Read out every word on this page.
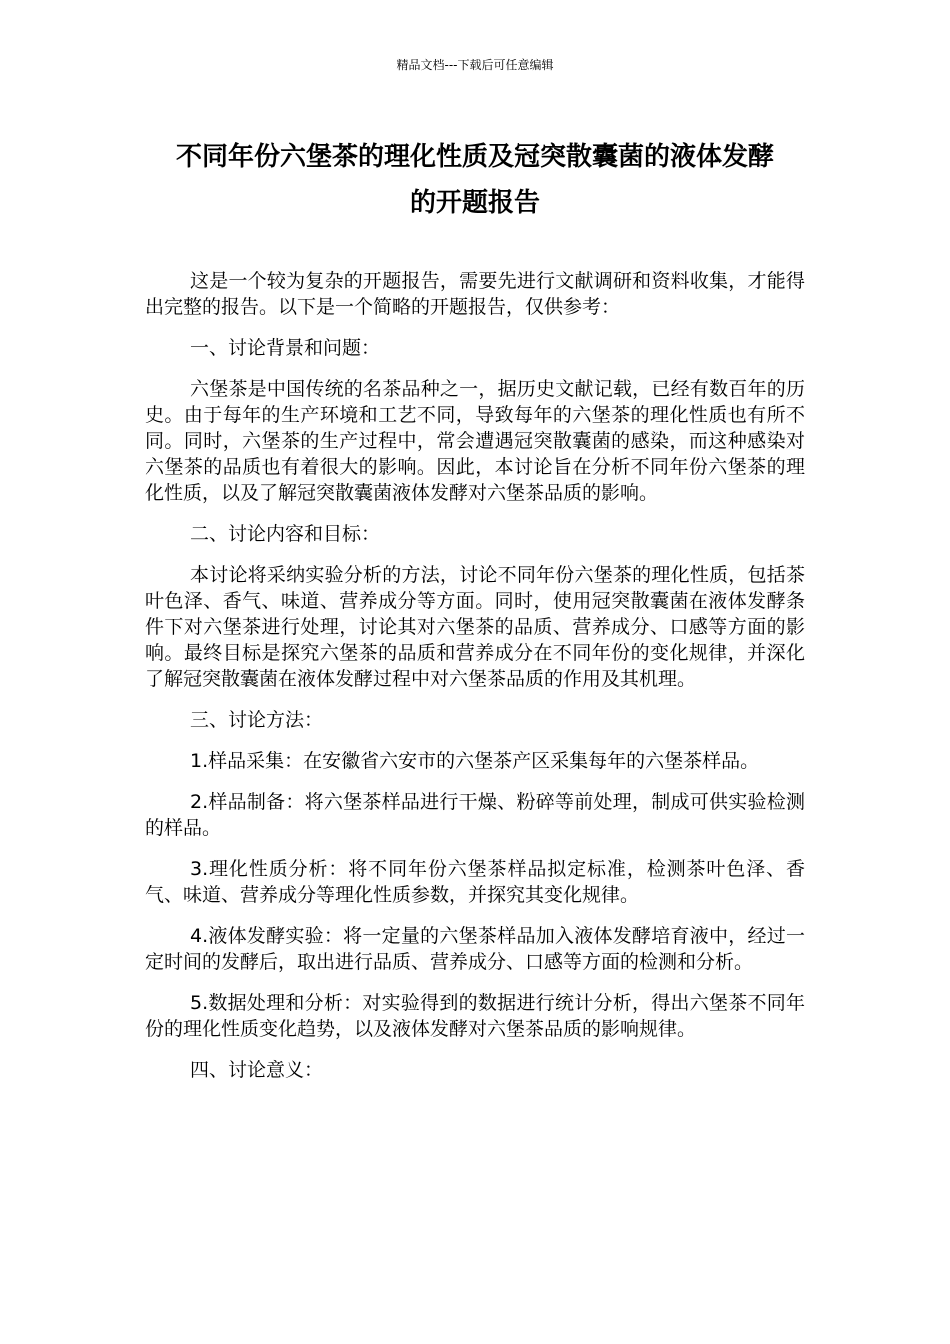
精品文档---下载后可任意编辑
不同年份六堡茶的理化性质及冠突散囊菌的液体发酵
的开题报告

这是一个较为复杂的开题报告，需要先进行文献调研和资料收集，才能得出完整的报告。以下是一个简略的开题报告，仅供参考：

一、讨论背景和问题：

六堡茶是中国传统的名茶品种之一，据历史文献记载，已经有数百年的历史。由于每年的生产环境和工艺不同，导致每年的六堡茶的理化性质也有所不同。同时，六堡茶的生产过程中，常会遭遇冠突散囊菌的感染，而这种感染对六堡茶的品质也有着很大的影响。因此，本讨论旨在分析不同年份六堡茶的理化性质，以及了解冠突散囊菌液体发酵对六堡茶品质的影响。

二、讨论内容和目标：

本讨论将采纳实验分析的方法，讨论不同年份六堡茶的理化性质，包括茶叶色泽、香气、味道、营养成分等方面。同时，使用冠突散囊菌在液体发酵条件下对六堡茶进行处理，讨论其对六堡茶的品质、营养成分、口感等方面的影响。最终目标是探究六堡茶的品质和营养成分在不同年份的变化规律，并深化了解冠突散囊菌在液体发酵过程中对六堡茶品质的作用及其机理。

三、讨论方法：

1.样品采集：在安徽省六安市的六堡茶产区采集每年的六堡茶样品。

2.样品制备：将六堡茶样品进行干燥、粉碎等前处理，制成可供实验检测的样品。

3.理化性质分析：将不同年份六堡茶样品拟定标准，检测茶叶色泽、香气、味道、营养成分等理化性质参数，并探究其变化规律。

4.液体发酵实验：将一定量的六堡茶样品加入液体发酵培育液中，经过一定时间的发酵后，取出进行品质、营养成分、口感等方面的检测和分析。

5.数据处理和分析：对实验得到的数据进行统计分析，得出六堡茶不同年份的理化性质变化趋势，以及液体发酵对六堡茶品质的影响规律。

四、讨论意义：
